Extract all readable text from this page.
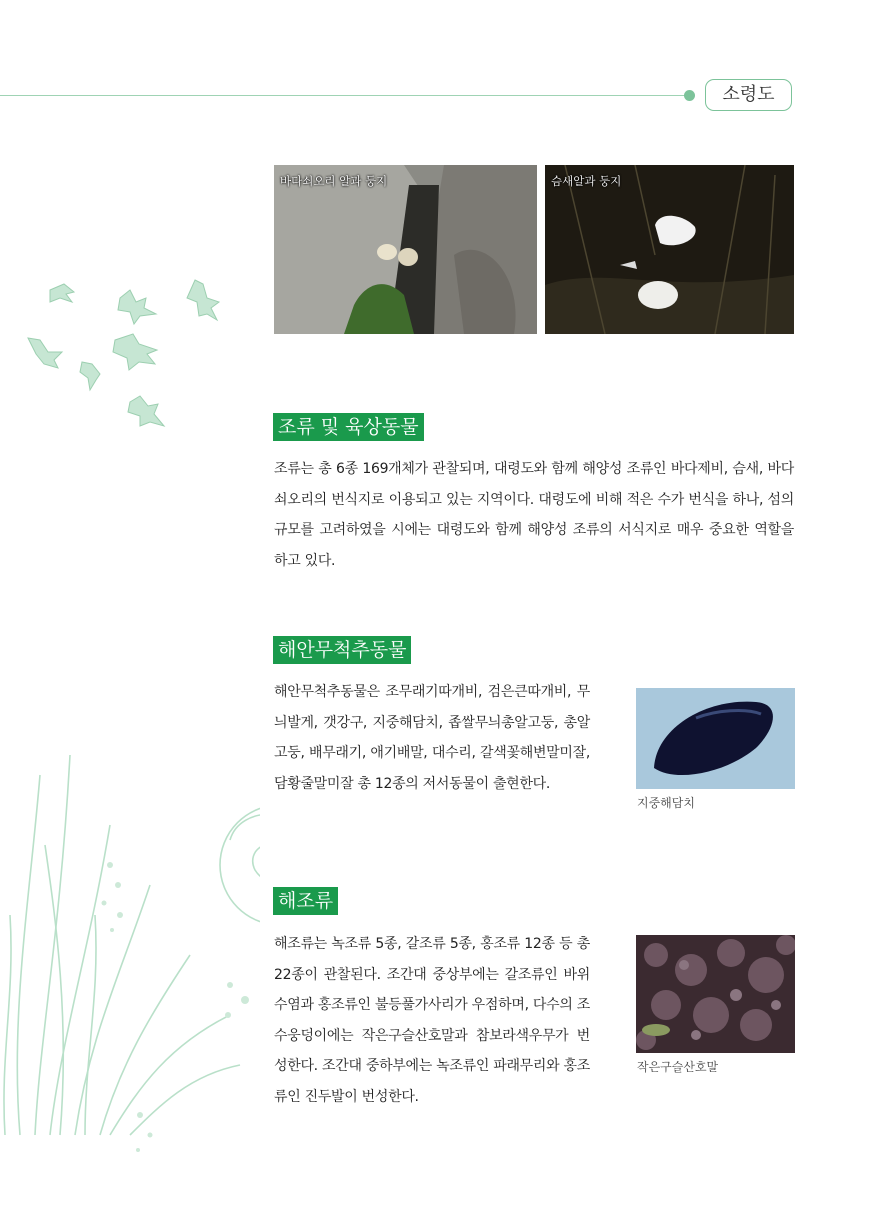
소령도
바다쇠오리 알과 둥지	슴새알과 둥지
조류 및 육상동물
조류는 총 6종 169개체가 관찰되며, 대령도와 함께 해양성 조류인 바다제비, 슴새, 바다쇠오리의 번식지로 이용되고 있는 지역이다. 대령도에 비해 적은 수가 번식을 하나, 섬의 규모를 고려하였을 시에는 대령도와 함께 해양성 조류의 서식지로 매우 중요한 역할을 하고 있다.
해안무척추동물
해안무척추동물은 조무래기따개비, 검은큰따개비, 무늬발게, 갯강구, 지중해담치, 좁쌀무늬총알고둥, 총알고둥, 배무래기, 애기배말, 대수리, 갈색꽃해변말미잘, 담황줄말미잘 총 12종의 저서동물이 출현한다.
지중해담치
해조류
해조류는 녹조류 5종, 갈조류 5종, 홍조류 12종 등 총 22종이 관찰된다. 조간대 중상부에는 갈조류인 바위수염과 홍조류인 불등풀가사리가 우점하며, 다수의 조수웅덩이에는 작은구슬산호말과 참보라색우무가 번성한다. 조간대 중하부에는 녹조류인 파래무리와 홍조류인 진두발이 번성한다.
작은구슬산호말
